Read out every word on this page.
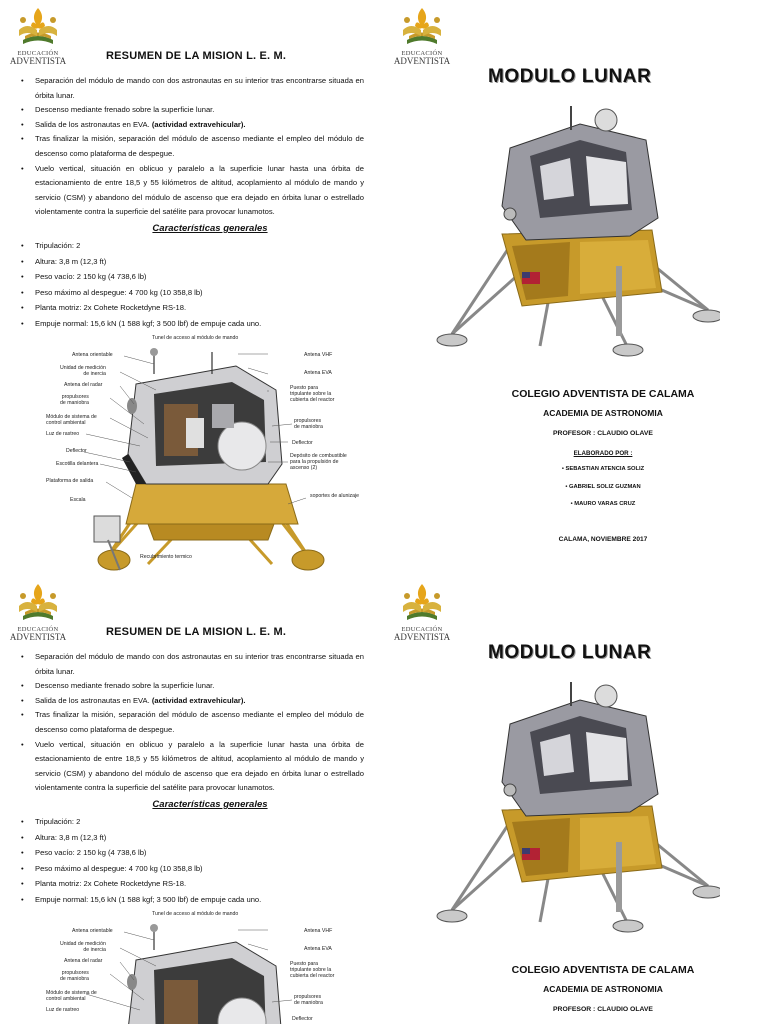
EDUCACIÓN
ADVENTISTA
EDUCACIÓN
ADVENTISTA
RESUMEN DE LA MISION L. E. M.
• Separación del módulo de mando con dos astronautas en su interior tras encontrarse situada en órbita lunar.
• Descenso mediante frenado sobre la superficie lunar.
• Salida de los astronautas en EVA. (actividad extravehicular).
• Tras finalizar la misión, separación del módulo de ascenso mediante el empleo del módulo de descenso como plataforma de despegue.
• Vuelo vertical, situación en oblicuo y paralelo a la superficie lunar hasta una órbita de estacionamiento de entre 18,5 y 55 kilómetros de altitud, acoplamiento al módulo de mando y servicio (CSM) y abandono del módulo de ascenso que era dejado en órbita lunar o estrellado violentamente contra la superficie del satélite para provocar lunamotos.
Características generales
• Tripulación: 2
• Altura: 3,8 m (12,3 ft)
• Peso vacío: 2 150 kg (4 738,6 lb)
• Peso máximo al despegue: 4 700 kg (10 358,8 lb)
• Planta motriz: 2x Cohete Rocketdyne RS-18.
• Empuje normal: 15,6 kN (1 588 kgf; 3 500 lbf) de empuje cada uno.
Tunel de acceso al módulo de mando
Antena orientable
Unidad de medición
de inercia
Antena VHF
Antena EVA
Antena del radar	Puesto para
tripulante sobre la
cubierta del reactor
propulsores
de maniobra
Módulo de sistema de
control ambiental	propulsores
de maniobra
Luz de rastreo
Deflector
Deflector
Depósito de combustible
para la propulsión de
ascenso (2)
Escotilla delantera
Plataforma de salida
soportes de alunizaje
Escala
Recubrimiento termico
MODULO LUNAR
COLEGIO ADVENTISTA DE CALAMA
ACADEMIA DE ASTRONOMIA
PROFESOR : CLAUDIO OLAVE
ELABORADO POR :
• SEBASTIAN ATENCIA SOLIZ
• GABRIEL SOLIZ GUZMAN
• MAURO VARAS CRUZ
CALAMA, NOVIEMBRE 2017
EDUCACIÓN
ADVENTISTA
EDUCACIÓN
ADVENTISTA
RESUMEN DE LA MISION L. E. M.
• Separación del módulo de mando con dos astronautas en su interior tras encontrarse situada en órbita lunar.
• Descenso mediante frenado sobre la superficie lunar.
• Salida de los astronautas en EVA. (actividad extravehicular).
• Tras finalizar la misión, separación del módulo de ascenso mediante el empleo del módulo de descenso como plataforma de despegue.
• Vuelo vertical, situación en oblicuo y paralelo a la superficie lunar hasta una órbita de estacionamiento de entre 18,5 y 55 kilómetros de altitud, acoplamiento al módulo de mando y servicio (CSM) y abandono del módulo de ascenso que era dejado en órbita lunar o estrellado violentamente contra la superficie del satélite para provocar lunamotos.
Características generales
• Tripulación: 2
• Altura: 3,8 m (12,3 ft)
• Peso vacío: 2 150 kg (4 738,6 lb)
• Peso máximo al despegue: 4 700 kg (10 358,8 lb)
• Planta motriz: 2x Cohete Rocketdyne RS-18.
• Empuje normal: 15,6 kN (1 588 kgf; 3 500 lbf) de empuje cada uno.
Tunel de acceso al módulo de mando
Antena orientable
Unidad de medición
de inercia
Antena VHF
Antena EVA
Antena del radar	Puesto para
tripulante sobre la
cubierta del reactor
propulsores
de maniobra
Módulo de sistema de
control ambiental	propulsores
de maniobra
Luz de rastreo
Deflector
MODULO LUNAR
COLEGIO ADVENTISTA DE CALAMA
ACADEMIA DE ASTRONOMIA
PROFESOR : CLAUDIO OLAVE
